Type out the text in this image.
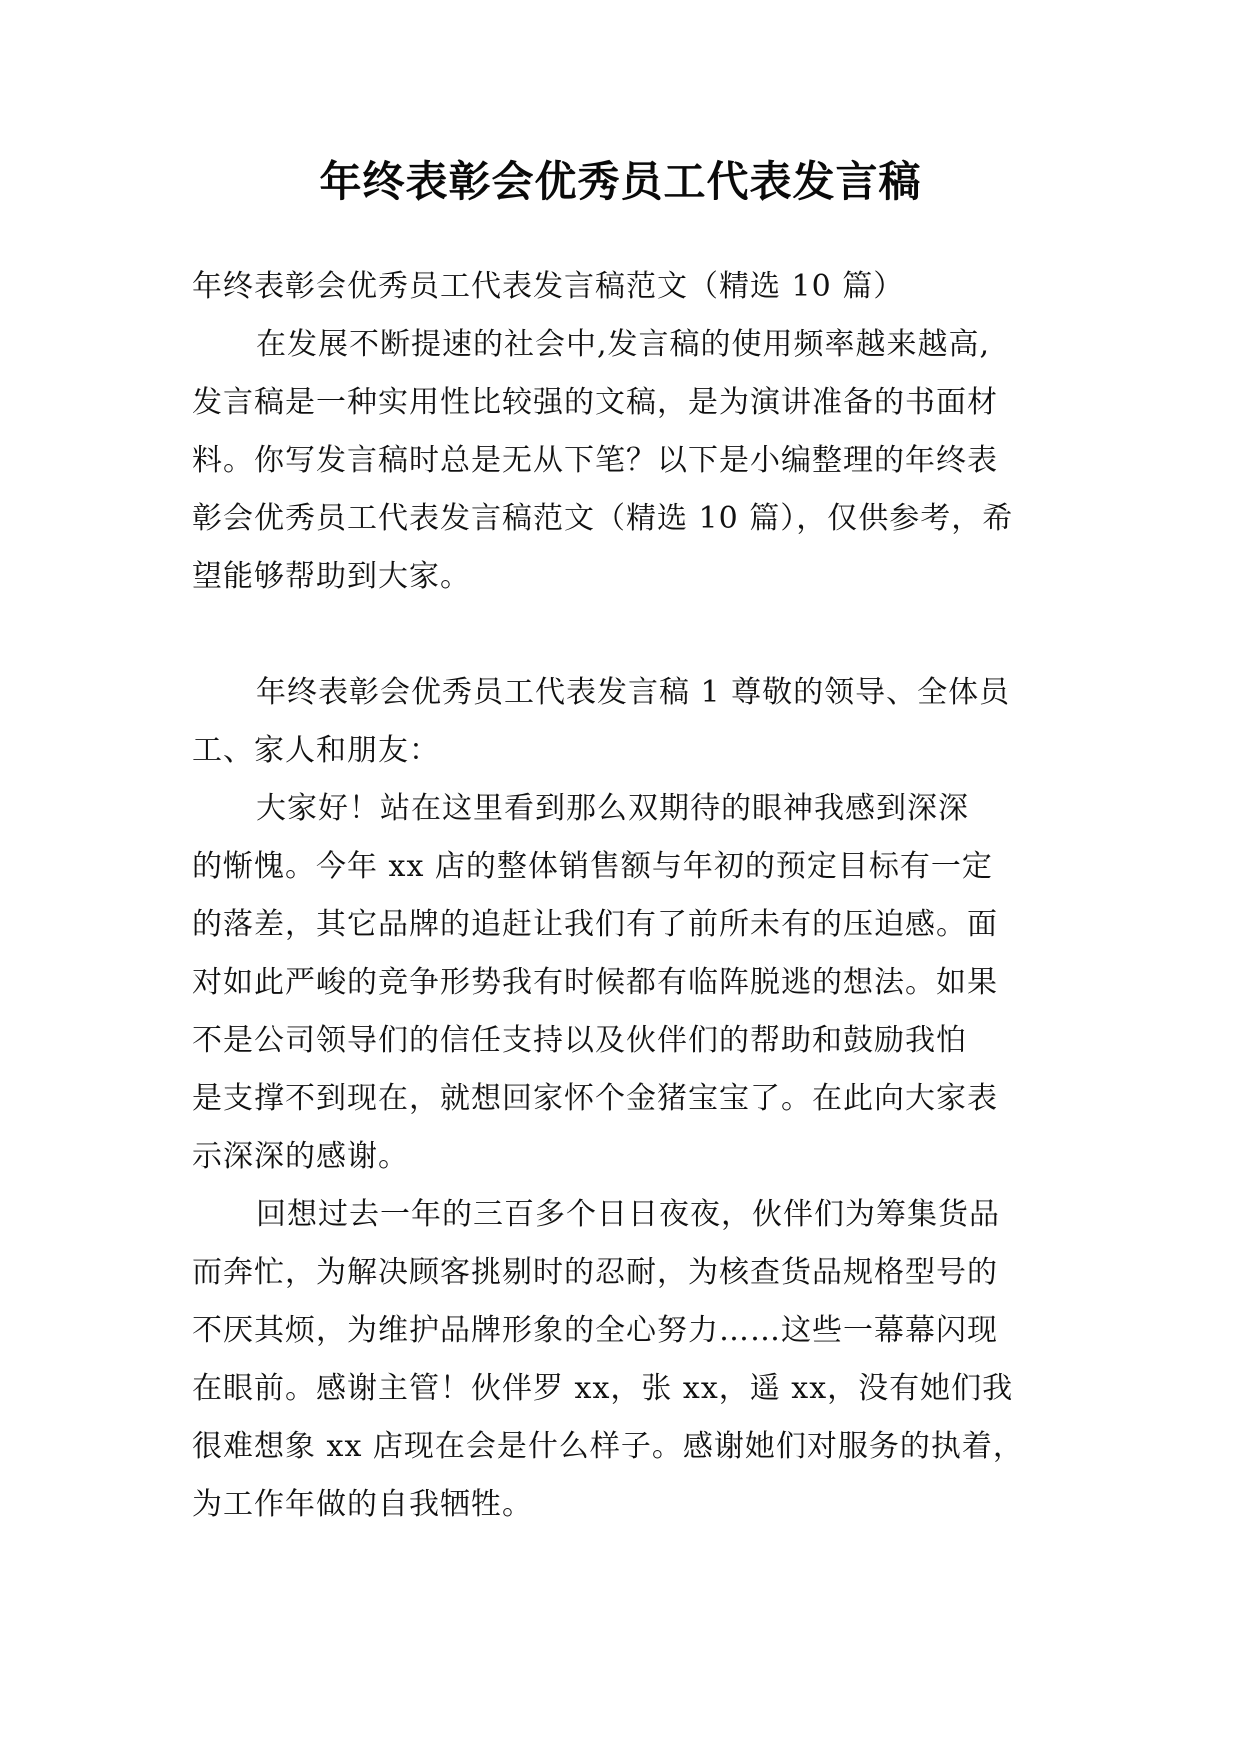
年终表彰会优秀员工代表发言稿

年终表彰会优秀员工代表发言稿范文（精选 10 篇）

在发展不断提速的社会中,发言稿的使用频率越来越高,
发言稿是一种实用性比较强的文稿，是为演讲准备的书面材
料。你写发言稿时总是无从下笔？以下是小编整理的年终表
彰会优秀员工代表发言稿范文（精选 10 篇），仅供参考，希
望能够帮助到大家。

年终表彰会优秀员工代表发言稿 1 尊敬的领导、全体员
工、家人和朋友：

大家好！站在这里看到那么双期待的眼神我感到深深
的惭愧。今年 xx 店的整体销售额与年初的预定目标有一定
的落差，其它品牌的追赶让我们有了前所未有的压迫感。面
对如此严峻的竞争形势我有时候都有临阵脱逃的想法。如果
不是公司领导们的信任支持以及伙伴们的帮助和鼓励我怕
是支撑不到现在，就想回家怀个金猪宝宝了。在此向大家表
示深深的感谢。

回想过去一年的三百多个日日夜夜，伙伴们为筹集货品
而奔忙，为解决顾客挑剔时的忍耐，为核查货品规格型号的
不厌其烦，为维护品牌形象的全心努力……这些一幕幕闪现
在眼前。感谢主管！伙伴罗 xx，张 xx，遥 xx，没有她们我
很难想象 xx 店现在会是什么样子。感谢她们对服务的执着，
为工作年做的自我牺牲。
